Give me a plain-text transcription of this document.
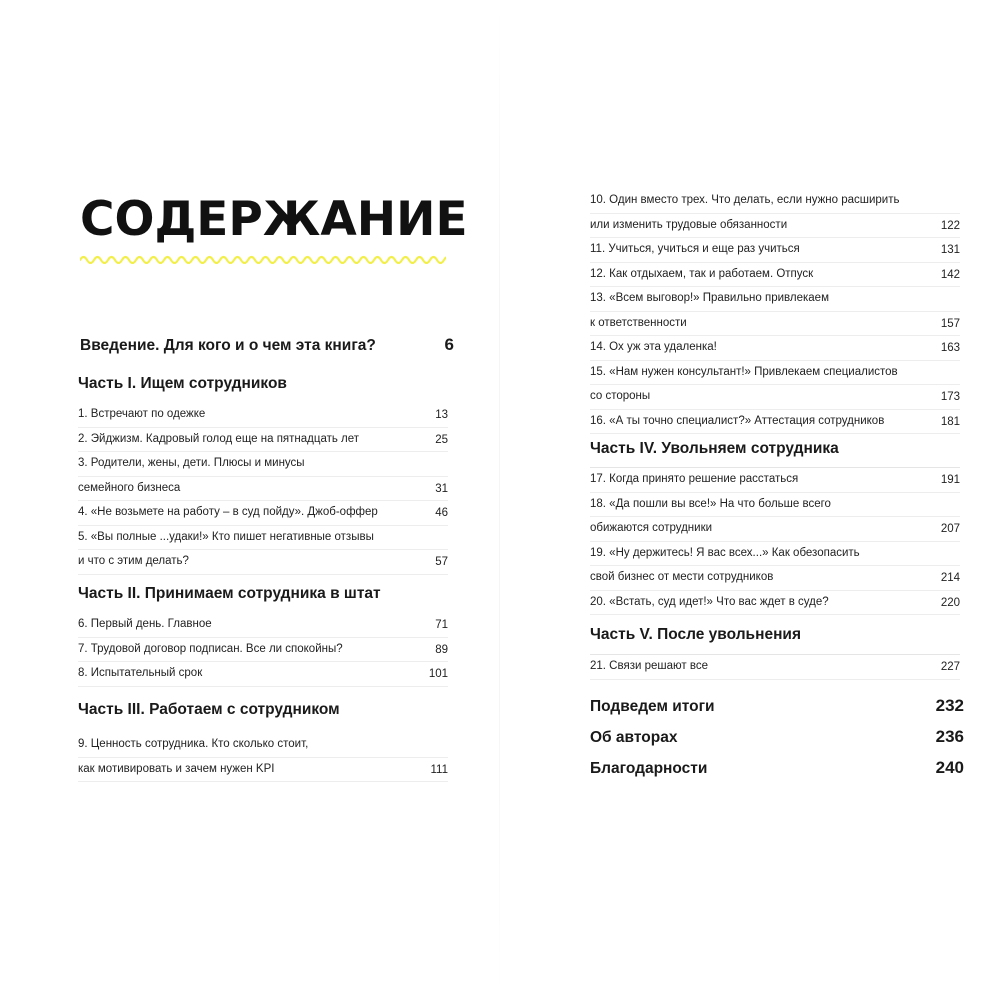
СОДЕРЖАНИЕ
Введение. Для кого и о чем эта книга?	6
Часть I. Ищем сотрудников
1. Встречают по одежке	13
2. Эйджизм. Кадровый голод еще на пятнадцать лет	25
3. Родители, жены, дети. Плюсы и минусы
семейного бизнеса	31
4. «Не возьмете на работу – в суд пойду». Джоб-оффер	46
5. «Вы полные ...удаки!» Кто пишет негативные отзывы
и что с этим делать?	57
Часть II. Принимаем сотрудника в штат
6. Первый день. Главное	71
7. Трудовой договор подписан. Все ли спокойны?	89
8. Испытательный срок	101
Часть III. Работаем с сотрудником
9. Ценность сотрудника. Кто сколько стоит,
как мотивировать и зачем нужен KPI	111
10. Один вместо трех. Что делать, если нужно расширить
или изменить трудовые обязанности	122
11. Учиться, учиться и еще раз учиться	131
12. Как отдыхаем, так и работаем. Отпуск	142
13. «Всем выговор!» Правильно привлекаем
к ответственности	157
14. Ох уж эта удаленка!	163
15. «Нам нужен консультант!» Привлекаем специалистов
со стороны	173
16. «А ты точно специалист?» Аттестация сотрудников	181
Часть IV. Увольняем сотрудника
17. Когда принято решение расстаться	191
18. «Да пошли вы все!» На что больше всего
обижаются сотрудники	207
19. «Ну держитесь! Я вас всех...» Как обезопасить
свой бизнес от мести сотрудников	214
20. «Встать, суд идет!» Что вас ждет в суде?	220
Часть V. После увольнения
21. Связи решают все	227
Подведем итоги	232
Об авторах	236
Благодарности	240
